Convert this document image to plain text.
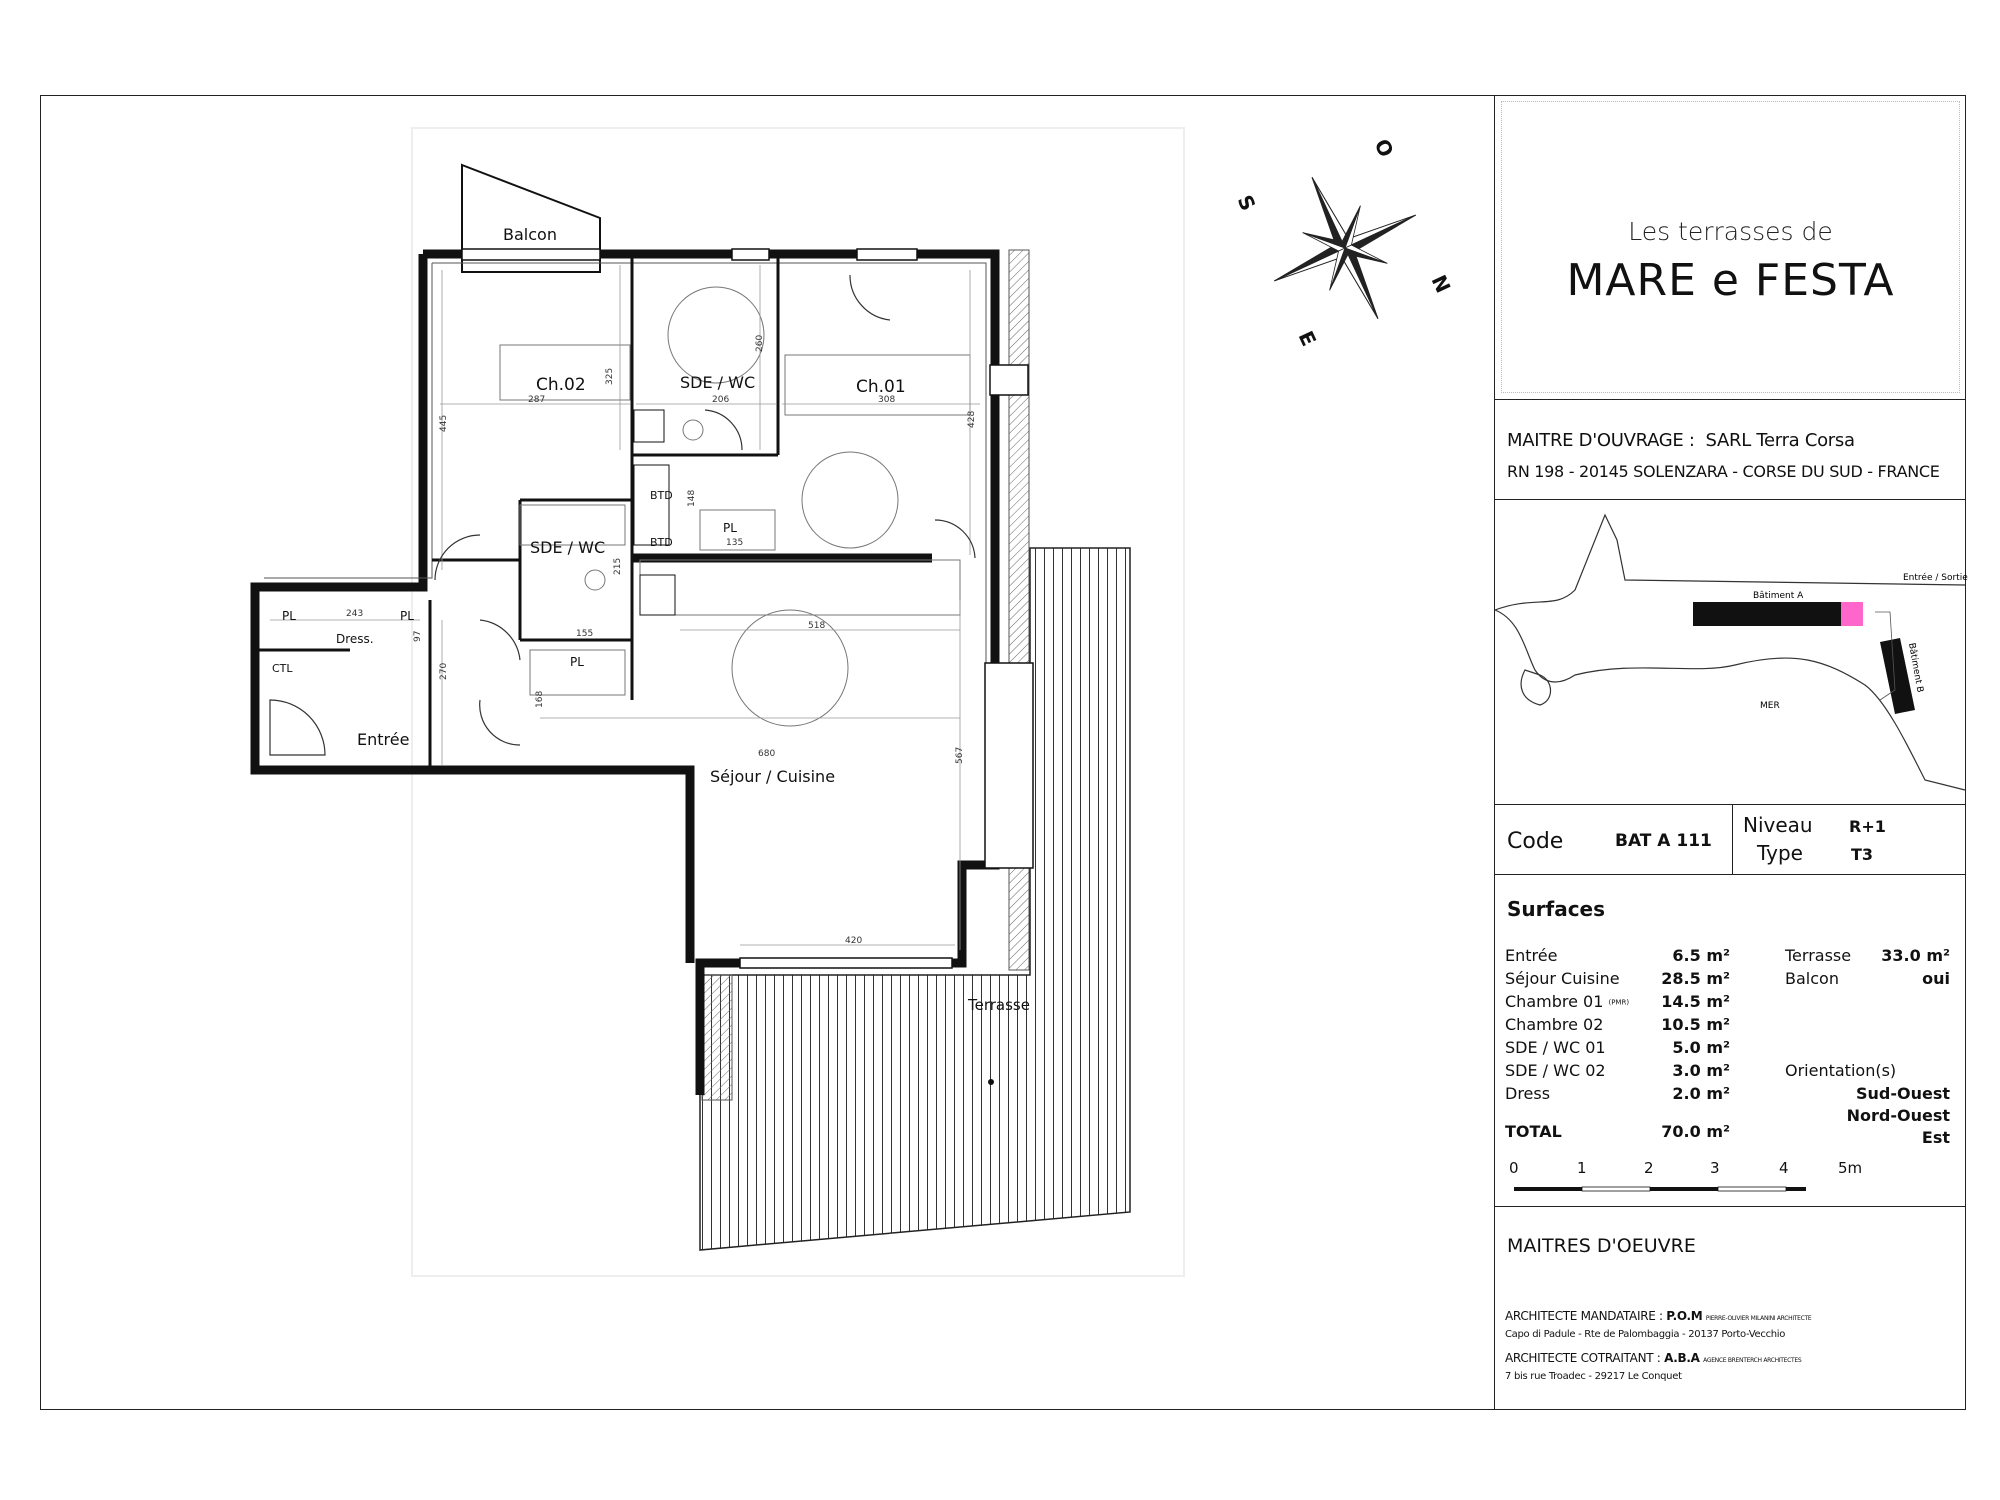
Balcon
Ch.02	SDE / WC	Ch.01
BTD
BTD
PL
SDE / WC
PL
PL	PL
Dress.
CTL
Entrée
Séjour / Cuisine
Terrasse
287
325
445
206
260
308
428
148
135
215
155
243
97
270
518
168
680	567
420
O
N
E
S
Les terrasses de
MARE e FESTA
MAITRE D'OUVRAGE : SARL Terra Corsa
RN 198 - 20145 SOLENZARA - CORSE DU SUD - FRANCE
Bâtiment A
Bâtiment B
Entrée / Sortie
MER
Code	BAT A 111
Niveau R+1
Type	T3
Surfaces
Entrée	6.5 m²
Séjour Cuisine	28.5 m²
Chambre 01 (PMR)	14.5 m²
Chambre 02	10.5 m²
SDE / WC 01	5.0 m²
SDE / WC 02	3.0 m²
Dress	2.0 m²
TOTAL	70.0 m²
Terrasse	33.0 m²
Balcon	oui
Orientation(s)
Sud-Ouest
Nord-Ouest
Est
0	1	2	3	4	5m
MAITRES D'OEUVRE
ARCHITECTE MANDATAIRE : P.O.M PIERRE-OLIVIER MILANINI ARCHITECTE
Capo di Padule - Rte de Palombaggia - 20137 Porto-Vecchio
ARCHITECTE COTRAITANT : A.B.A AGENCE BRENTERCH ARCHITECTES
7 bis rue Troadec - 29217 Le Conquet
